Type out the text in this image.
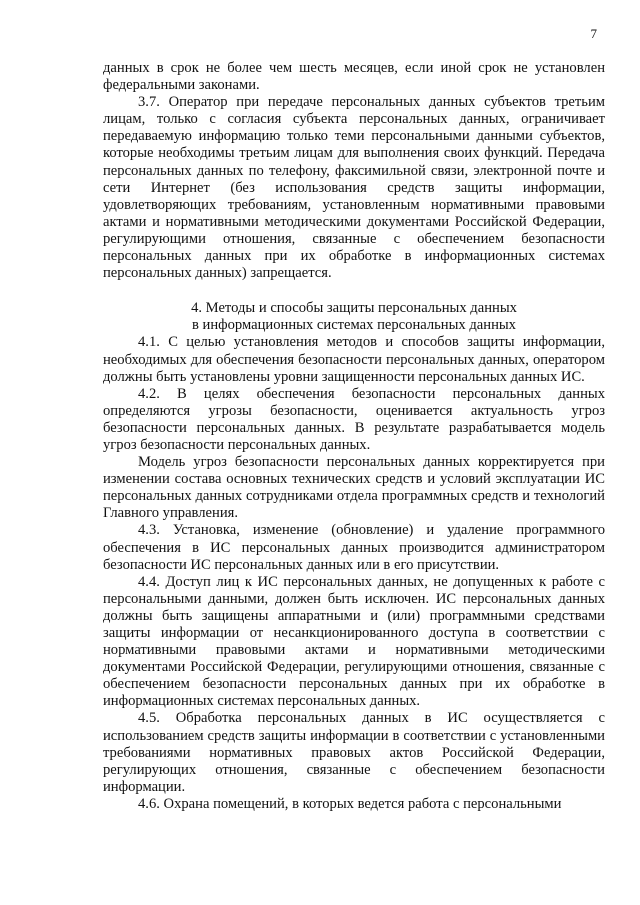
7

данных в срок не более чем шесть месяцев, если иной срок не установлен федеральными законами.

3.7. Оператор при передаче персональных данных субъектов третьим лицам, только с согласия субъекта персональных данных, ограничивает передаваемую информацию только теми персональными данными субъектов, которые необходимы третьим лицам для выполнения своих функций. Передача персональных данных по телефону, факсимильной связи, электронной почте и сети Интернет (без использования средств защиты информации, удовлетворяющих требованиям, установленным нормативными правовыми актами и нормативными методическими документами Российской Федерации, регулирующими отношения, связанные с обеспечением безопасности персональных данных при их обработке в информационных системах персональных данных) запрещается.

4. Методы и способы защиты персональных данных
в информационных системах персональных данных

4.1. С целью установления методов и способов защиты информации, необходимых для обеспечения безопасности персональных данных, оператором должны быть установлены уровни защищенности персональных данных ИС.

4.2. В целях обеспечения безопасности персональных данных определяются угрозы безопасности, оценивается актуальность угроз безопасности персональных данных. В результате разрабатывается модель угроз безопасности персональных данных.

Модель угроз безопасности персональных данных корректируется при изменении состава основных технических средств и условий эксплуатации ИС персональных данных сотрудниками отдела программных средств и технологий Главного управления.

4.3. Установка, изменение (обновление) и удаление программного обеспечения в ИС персональных данных производится администратором безопасности ИС персональных данных или в его присутствии.

4.4. Доступ лиц к ИС персональных данных, не допущенных к работе с персональными данными, должен быть исключен. ИС персональных данных должны быть защищены аппаратными и (или) программными средствами защиты информации от несанкционированного доступа в соответствии с нормативными правовыми актами и нормативными методическими документами Российской Федерации, регулирующими отношения, связанные с обеспечением безопасности персональных данных при их обработке в информационных системах персональных данных.

4.5. Обработка персональных данных в ИС осуществляется с использованием средств защиты информации в соответствии с установленными требованиями нормативных правовых актов Российской Федерации, регулирующих отношения, связанные с обеспечением безопасности информации.

4.6. Охрана помещений, в которых ведется работа с персональными
